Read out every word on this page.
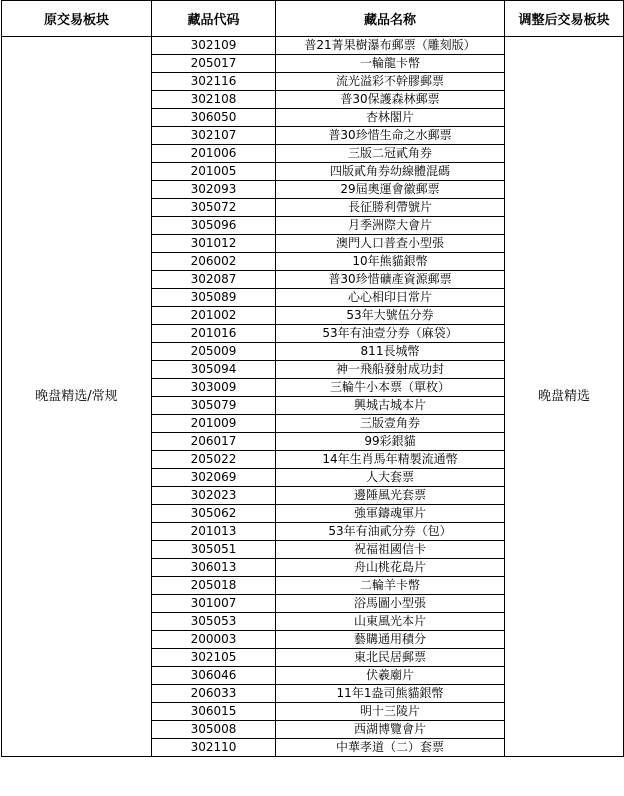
原交易板块	藏品代码	藏品名称	调整后交易板块
晚盘精选/常规	302109	普21菁果樹瀑布郵票（雕刻版）	晚盘精选
	205017	一輪龍卡幣	
	302116	流光溢彩不幹膠郵票	
	302108	普30保護森林郵票	
	306050	杏林閣片	
	302107	普30珍惜生命之水郵票	
	201006	三版二冠貳角券	
	201005	四版貳角券幼線體混碼	
	302093	29屆奧運會徽郵票	
	305072	長征勝利帶號片	
	305096	月季洲際大會片	
	301012	澳門人口普查小型張	
	206002	10年熊貓銀幣	
	302087	普30珍惜礦產資源郵票	
	305089	心心相印日常片	
	201002	53年大號伍分券	
	201016	53年有油壹分券（麻袋）	
	205009	811長城幣	
	305094	神一飛船發射成功封	
	303009	三輪牛小本票（單枚）	
	305079	興城古城本片	
	201009	三版壹角券	
	206017	99彩銀貓	
	205022	14年生肖馬年精製流通幣	
	302069	人大套票	
	302023	邊陲風光套票	
	305062	強軍鑄魂軍片	
	201013	53年有油貳分券（包）	
	305051	祝福祖國信卡	
	306013	舟山桃花島片	
	205018	二輪羊卡幣	
	301007	浴馬圖小型張	
	305053	山東風光本片	
	200003	藝購通用積分	
	302105	東北民居郵票	
	306046	伏羲廟片	
	206033	11年1盎司熊貓銀幣	
	306015	明十三陵片	
	305008	西湖博覽會片	
	302110	中華孝道（二）套票	
